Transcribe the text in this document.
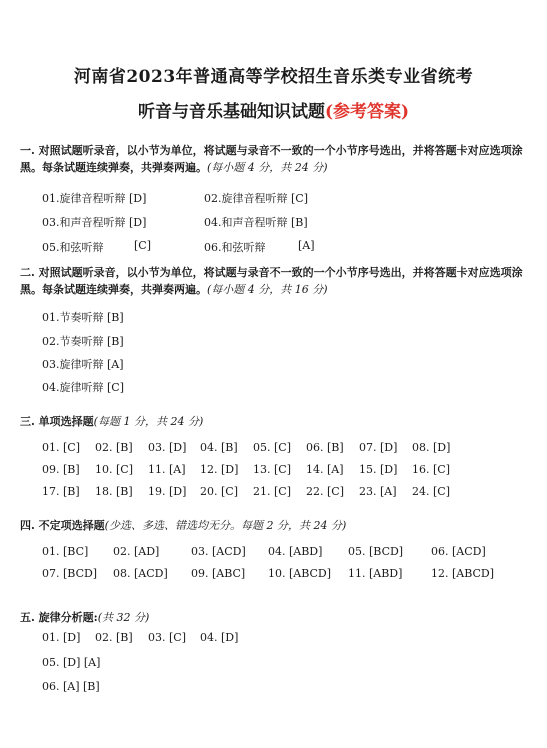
河南省2023年普通高等学校招生音乐类专业省统考
听音与音乐基础知识试题(参考答案)
一. 对照试题听录音，以小节为单位，将试题与录音不一致的一个小节序号选出，并将答题卡对应选项涂黑。每条试题连续弹奏，共弹奏两遍。(每小题 4 分，共 24 分)
01.旋律音程听辩 [D]	02.旋律音程听辩 [C]
03.和声音程听辩 [D]	04.和声音程听辩 [B]
05.和弦听辩	[C]	06.和弦听辩	[A]
二. 对照试题听录音，以小节为单位，将试题与录音不一致的一个小节序号选出，并将答题卡对应选项涂黑。每条试题连续弹奏，共弹奏两遍。(每小题 4 分，共 16 分)
01.节奏听辩 [B]
02.节奏听辩 [B]
03.旋律听辩 [A]
04.旋律听辩 [C]
三. 单项选择题(每题 1 分，共 24 分)
01. [C] 02. [B] 03. [D] 04. [B] 05. [C] 06. [B] 07. [D] 08. [D]
09. [B] 10. [C] 11. [A] 12. [D] 13. [C] 14. [A] 15. [D] 16. [C]
17. [B] 18. [B] 19. [D] 20. [C] 21. [C] 22. [C] 23. [A] 24. [C]
四. 不定项选择题(少选、多选、错选均无分。每题 2 分，共 24 分)
01. [BC] 02. [AD]	03. [ACD] 04. [ABD] 05. [BCD]	06. [ACD]
07. [BCD] 08. [ACD] 09. [ABC] 10. [ABCD] 11. [ABD]	12. [ABCD]
五. 旋律分析题:(共 32 分)
01. [D] 02. [B] 03. [C] 04. [D]
05. [D] [A]
06. [A] [B]
